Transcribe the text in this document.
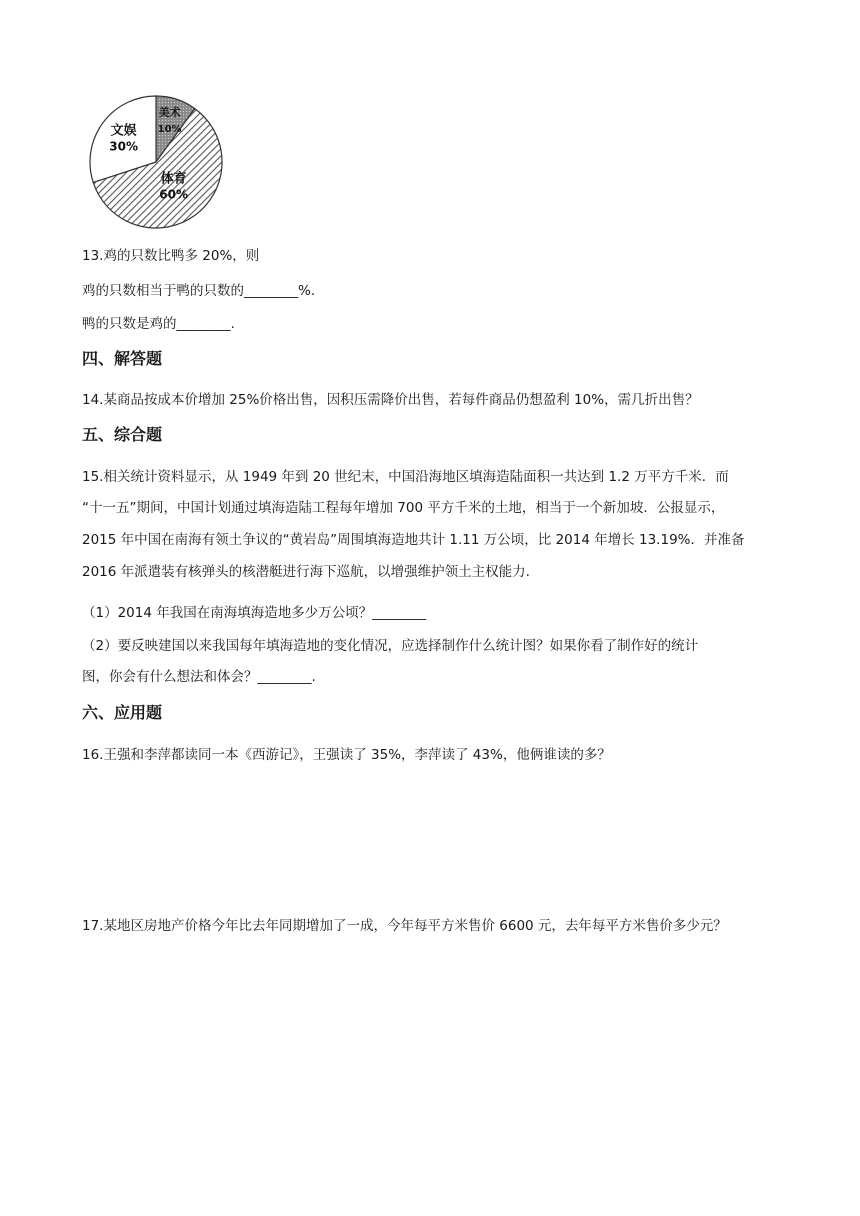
美术
10%
体育
60%
文娱
30%
13.鸡的只数比鸭多 20%，则
鸡的只数相当于鸭的只数的________%.
鸭的只数是鸡的________.
四、解答题
14.某商品按成本价增加 25%价格出售，因积压需降价出售，若每件商品仍想盈利 10%，需几折出售？
五、综合题
15.相关统计资料显示，从 1949 年到 20 世纪末，中国沿海地区填海造陆面积一共达到 1.2 万平方千米．而
“十一五”期间，中国计划通过填海造陆工程每年增加 700 平方千米的土地，相当于一个新加坡．公报显示，
2015 年中国在南海有领土争议的“黄岩岛”周围填海造地共计 1.11 万公顷，比 2014 年增长 13.19%．并准备
2016 年派遣装有核弹头的核潜艇进行海下巡航，以增强维护领土主权能力.
（1）2014 年我国在南海填海造地多少万公顷？________
（2）要反映建国以来我国每年填海造地的变化情况，应选择制作什么统计图？如果你看了制作好的统计
图，你会有什么想法和体会？________.
六、应用题
16.王强和李萍都读同一本《西游记》，王强读了 35%，李萍读了 43%，他俩谁读的多？
17.某地区房地产价格今年比去年同期增加了一成，今年每平方米售价 6600 元，去年每平方米售价多少元？
